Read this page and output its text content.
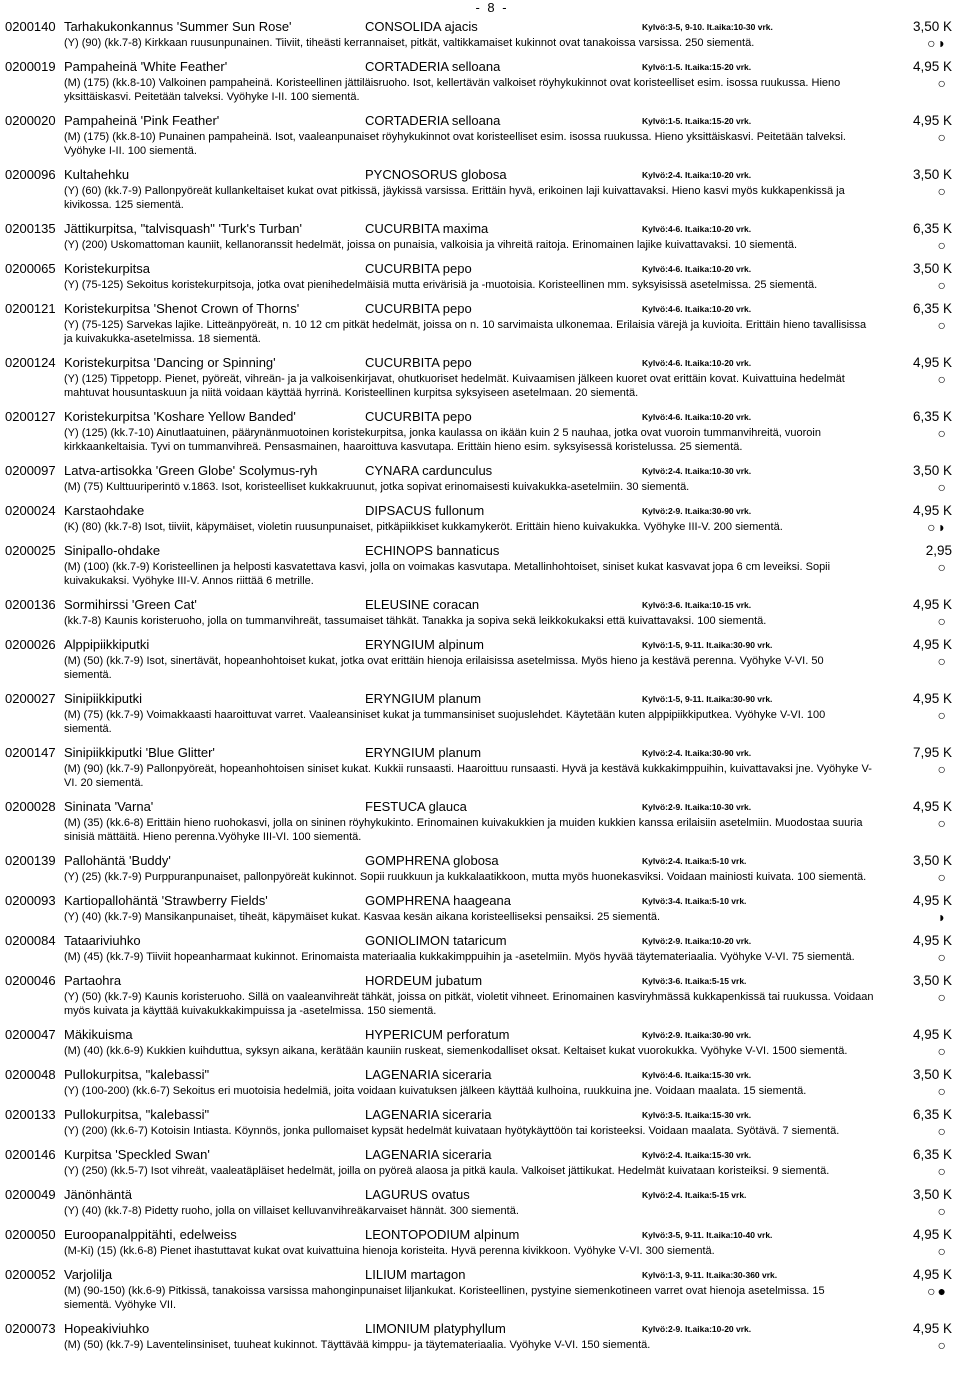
- 8 -
0200140 Tarhakukonkannus 'Summer Sun Rose'	CONSOLIDA ajacis	Kylvö:3-5, 9-10. It.aika:10-30 vrk.	3,50 K
(Y) (90) (kk.7-8) Kirkkaan ruusunpunainen. Tiiviit, tiheästi kerrannaiset, pitkät, valtikkamaiset kukinnot ovat tanakoissa varsissa. 250 siementä.	○ ◗
0200019 Pampaheinä 'White Feather'	CORTADERIA selloana	Kylvö:1-5. It.aika:15-20 vrk.	4,95 K
(M) (175) (kk.8-10) Valkoinen pampaheinä. Koristeellinen jättiläisruoho. Isot, kellertävän valkoiset röyhykukinnot ovat koristeelliset esim. isossa ruukussa. Hieno yksittäiskasvi. Peitetään talveksi. Vyöhyke I-II. 100 siementä.
○
0200020 Pampaheinä 'Pink Feather'	CORTADERIA selloana	Kylvö:1-5. It.aika:15-20 vrk.	4,95 K
(M) (175) (kk.8-10) Punainen pampaheinä. Isot, vaaleanpunaiset röyhykukinnot ovat koristeelliset esim. isossa ruukussa. Hieno yksittäiskasvi. Peitetään talveksi. Vyöhyke I-II. 100 siementä.
○
0200096 Kultahehku	PYCNOSORUS globosa	Kylvö:2-4. It.aika:10-20 vrk.	3,50 K
(Y) (60) (kk.7-9) Pallonpyöreät kullankeltaiset kukat ovat pitkissä, jäykissä varsissa. Erittäin hyvä, erikoinen laji kuivattavaksi. Hieno kasvi myös kukkapenkissä ja kivikossa. 125 siementä.
○
0200135 Jättikurpitsa, "talvisquash" 'Turk's Turban'	CUCURBITA maxima	Kylvö:4-6. It.aika:10-20 vrk.	6,35 K
(Y) (200) Uskomattoman kauniit, kellanoranssit hedelmät, joissa on punaisia, valkoisia ja vihreitä raitoja. Erinomainen lajike kuivattavaksi. 10 siementä.	○
0200065 Koristekurpitsa	CUCURBITA pepo	Kylvö:4-6. It.aika:10-20 vrk.	3,50 K
(Y) (75-125) Sekoitus koristekurpitsoja, jotka ovat pienihedelmäisiä mutta erivärisiä ja -muotoisia. Koristeellinen mm. syksyisissä asetelmissa. 25 siementä.	○
0200121 Koristekurpitsa 'Shenot Crown of Thorns'	CUCURBITA pepo	Kylvö:4-6. It.aika:10-20 vrk.	6,35 K
(Y) (75-125) Sarvekas lajike. Litteänpyöreät, n. 10 12 cm pitkät hedelmät, joissa on n. 10 sarvimaista ulkonemaa. Erilaisia värejä ja kuvioita. Erittäin hieno tavallisissa ja kuivakukka-asetelmissa. 18 siementä.
○
0200124 Koristekurpitsa 'Dancing or Spinning'	CUCURBITA pepo	Kylvö:4-6. It.aika:10-20 vrk.	4,95 K
(Y) (125) Tippetopp. Pienet, pyöreät, vihreän- ja ja valkoisenkirjavat, ohutkuoriset hedelmät. Kuivaamisen jälkeen kuoret ovat erittäin kovat. Kuivattuina hedelmät mahtuvat housuntaskuun ja niitä voidaan käyttää hyrrinä. Koristeellinen kurpitsa syksyiseen asetelmaan. 20 siementä.
○
0200127 Koristekurpitsa 'Koshare Yellow Banded'	CUCURBITA pepo	Kylvö:4-6. It.aika:10-20 vrk.	6,35 K
(Y) (125) (kk.7-10) Ainutlaatuinen, päärynänmuotoinen koristekurpitsa, jonka kaulassa on ikään kuin 2 5 nauhaa, jotka ovat vuoroin tummanvihreitä, vuoroin kirkkaankeltaisia. Tyvi on tummanvihreä. Pensasmainen, haaroittuva kasvutapa. Erittäin hieno esim. syksyisessä koristelussa. 25 siementä.
○
0200097 Latva-artisokka 'Green Globe' Scolymus-ryh	CYNARA cardunculus	Kylvö:2-4. It.aika:10-30 vrk.	3,50 K
(M) (75) Kulttuuriperintö v.1863. Isot, koristeelliset kukkakruunut, jotka sopivat erinomaisesti kuivakukka-asetelmiin. 30 siementä.	○
0200024 Karstaohdake	DIPSACUS fullonum	Kylvö:2-9. It.aika:30-90 vrk.	4,95 K
(K) (80) (kk.7-8) Isot, tiiviit, käpymäiset, violetin ruusunpunaiset, pitkäpiikkiset kukkamykeröt. Erittäin hieno kuivakukka. Vyöhyke III-V. 200 siementä.	○ ◗
0200025 Sinipallo-ohdake	ECHINOPS bannaticus	2,95
(M) (100) (kk.7-9) Koristeellinen ja helposti kasvatettava kasvi, jolla on voimakas kasvutapa. Metallinhohtoiset, siniset kukat kasvavat jopa 6 cm leveiksi. Sopii kuivakukaksi. Vyöhyke III-V. Annos riittää 6 metrille.
○
0200136 Sormihirssi 'Green Cat'	ELEUSINE coracan	Kylvö:3-6. It.aika:10-15 vrk.	4,95 K
(kk.7-8) Kaunis koristeruoho, jolla on tummanvihreät, tassumaiset tähkät. Tanakka ja sopiva sekä leikkokukaksi että kuivattavaksi. 100 siementä.	○
0200026 Alppipiikkiputki	ERYNGIUM alpinum	Kylvö:1-5, 9-11. It.aika:30-90 vrk.	4,95 K
(M) (50) (kk.7-9) Isot, sinertävät, hopeanhohtoiset kukat, jotka ovat erittäin hienoja erilaisissa asetelmissa. Myös hieno ja kestävä perenna. Vyöhyke V-VI. 50 siementä.
○
0200027 Sinipiikkiputki	ERYNGIUM planum	Kylvö:1-5, 9-11. It.aika:30-90 vrk.	4,95 K
(M) (75) (kk.7-9) Voimakkaasti haaroittuvat varret. Vaaleansiniset kukat ja tummansiniset suojuslehdet. Käytetään kuten alppipiikkiputkea. Vyöhyke V-VI. 100 siementä.
○
0200147 Sinipiikkiputki 'Blue Glitter'	ERYNGIUM planum	Kylvö:2-4. It.aika:30-90 vrk.	7,95 K
(M) (90) (kk.7-9) Pallonpyöreät, hopeanhohtoisen siniset kukat. Kukkii runsaasti. Haaroittuu runsaasti. Hyvä ja kestävä kukkakimppuihin, kuivattavaksi jne. Vyöhyke V-VI. 20 siementä.
○
0200028 Sininata 'Varna'	FESTUCA glauca	Kylvö:2-9. It.aika:10-30 vrk.	4,95 K
(M) (35) (kk.6-8) Erittäin hieno ruohokasvi, jolla on sininen röyhykukinto. Erinomainen kuivakukkien ja muiden kukkien kanssa erilaisiin asetelmiin. Muodostaa suuria sinisiä mättäitä. Hieno perenna.Vyöhyke III-VI. 100 siementä.
○
0200139 Pallohäntä 'Buddy'	GOMPHRENA globosa	Kylvö:2-4. It.aika:5-10 vrk.	3,50 K
(Y) (25) (kk.7-9) Purppuranpunaiset, pallonpyöreät kukinnot. Sopii ruukkuun ja kukkalaatikkoon, mutta myös huonekasviksi. Voidaan mainiosti kuivata. 100 siementä.	○
0200093 Kartiopallohäntä 'Strawberry Fields'	GOMPHRENA haageana	Kylvö:3-4. It.aika:5-10 vrk.	4,95 K
(Y) (40) (kk.7-9) Mansikanpunaiset, tiheät, käpymäiset kukat. Kasvaa kesän aikana koristeelliseksi pensaiksi. 25 siementä.	◗
0200084 Tataariviuhko	GONIOLIMON tataricum	Kylvö:2-9. It.aika:10-20 vrk.	4,95 K
(M) (45) (kk.7-9) Tiiviit hopeanharmaat kukinnot. Erinomaista materiaalia kukkakimppuihin ja -asetelmiin. Myös hyvää täytemateriaalia. Vyöhyke V-VI. 75 siementä.	○
0200046 Partaohra	HORDEUM jubatum	Kylvö:3-6. It.aika:5-15 vrk.	3,50 K
(Y) (50) (kk.7-9) Kaunis koristeruoho. Sillä on vaaleanvihreät tähkät, joissa on pitkät, violetit vihneet. Erinomainen kasviryhmässä kukkapenkissä tai ruukussa. Voidaan myös kuivata ja käyttää kuivakukkakimpuissa ja -asetelmissa. 150 siementä.
○
0200047 Mäkikuisma	HYPERICUM perforatum	Kylvö:2-9. It.aika:30-90 vrk.	4,95 K
(M) (40) (kk.6-9) Kukkien kuihduttua, syksyn aikana, kerätään kauniin ruskeat, siemenkodalliset oksat. Keltaiset kukat vuorokukka. Vyöhyke V-VI. 1500 siementä.	○
0200048 Pullokurpitsa, "kalebassi"	LAGENARIA siceraria	Kylvö:4-6. It.aika:15-30 vrk.	3,50 K
(Y) (100-200) (kk.6-7) Sekoitus eri muotoisia hedelmiä, joita voidaan kuivatuksen jälkeen käyttää kulhoina, ruukkuina jne. Voidaan maalata. 15 siementä.	○
0200133 Pullokurpitsa, "kalebassi"	LAGENARIA siceraria	Kylvö:3-5. It.aika:15-30 vrk.	6,35 K
(Y) (200) (kk.6-7) Kotoisin Intiasta. Köynnös, jonka pullomaiset kypsät hedelmät kuivataan hyötykäyttöön tai koristeeksi. Voidaan maalata. Syötävä. 7 siementä.	○
0200146 Kurpitsa 'Speckled Swan'	LAGENARIA siceraria	Kylvö:2-4. It.aika:15-30 vrk.	6,35 K
(Y) (250) (kk.5-7) Isot vihreät, vaaleatäpläiset hedelmät, joilla on pyöreä alaosa ja pitkä kaula. Valkoiset jättikukat. Hedelmät kuivataan koristeiksi. 9 siementä.	○
0200049 Jänönhäntä	LAGURUS ovatus	Kylvö:2-4. It.aika:5-15 vrk.	3,50 K
(Y) (40) (kk.7-8) Pidetty ruoho, jolla on villaiset kelluvanvihreäkarvaiset hännät. 300 siementä.	○
0200050 Euroopanalppitähti, edelweiss	LEONTOPODIUM alpinum	Kylvö:3-5, 9-11. It.aika:10-40 vrk.	4,95 K
(M-Ki) (15) (kk.6-8) Pienet ihastuttavat kukat ovat kuivattuina hienoja koristeita. Hyvä perenna kivikkoon. Vyöhyke V-VI. 300 siementä.	○
0200052 Varjolilja	LILIUM martagon	Kylvö:1-3, 9-11. It.aika:30-360 vrk.	4,95 K
(M) (90-150) (kk.6-9) Pitkissä, tanakoissa varsissa mahonginpunaiset liljankukat. Koristeellinen, pystyine siemenkotineen varret ovat hienoja asetelmissa. 15 siementä. Vyöhyke VII.
○ ●
0200073 Hopeakiviuhko	LIMONIUM platyphyllum	Kylvö:2-9. It.aika:10-20 vrk.	4,95 K
(M) (50) (kk.7-9) Laventelinsiniset, tuuheat kukinnot. Täyttävää kimppu- ja täytemateriaalia. Vyöhyke V-VI. 150 siementä.	○
